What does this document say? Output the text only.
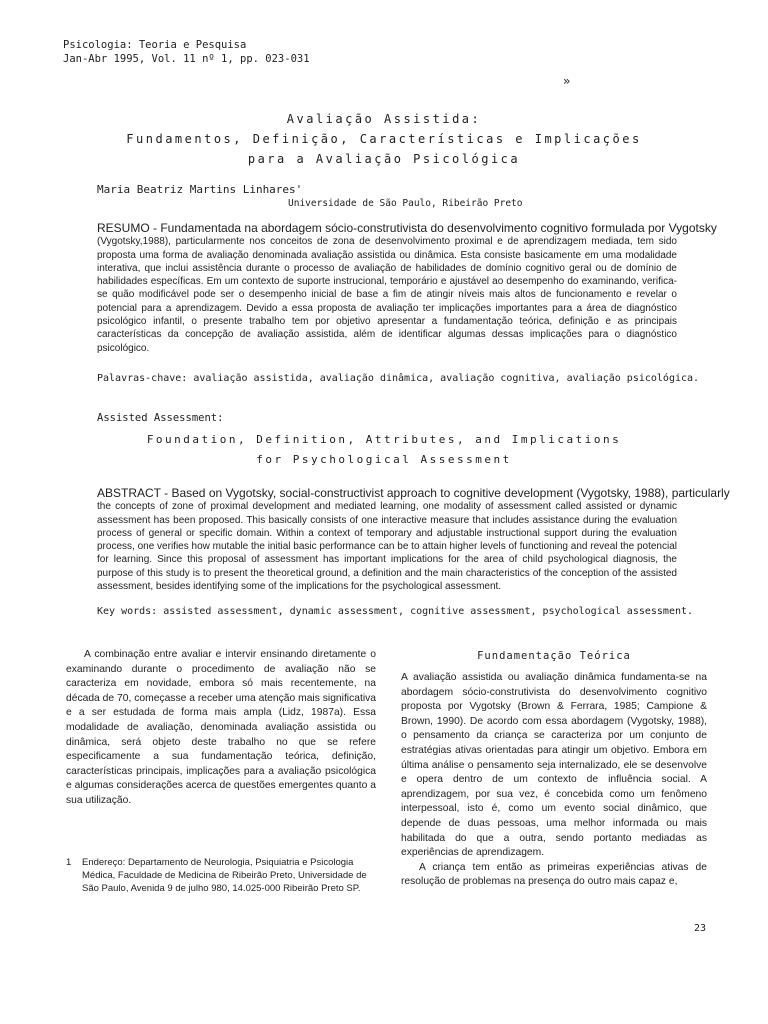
Psicologia: Teoria e Pesquisa
Jan-Abr 1995, Vol. 11 nº 1, pp. 023-031
»
Avaliação Assistida:
Fundamentos, Definição, Características e Implicações
para a Avaliação Psicológica
Maria Beatriz Martins Linhares'
Universidade de São Paulo, Ribeirão Preto
RESUMO - Fundamentada na abordagem sócio-construtivista do desenvolvimento cognitivo formulada por Vygotsky
(Vygotsky,1988), particularmente nos conceitos de zona de desenvolvimento proximal e de aprendizagem mediada, tem sido proposta uma forma de avaliação denominada avaliação assistida ou dinâmica. Esta consiste basicamente em uma modalidade interativa, que inclui assistência durante o processo de avaliação de habilidades de domínio cognitivo geral ou de domínio de habilidades específicas. Em um contexto de suporte instrucional, temporário e ajustável ao desempenho do examinando, verifica-se quão modificável pode ser o desempenho inicial de base a fim de atingir níveis mais altos de funcionamento e revelar o potencial para a aprendizagem. Devido a essa proposta de avaliação ter implicações importantes para a área de diagnóstico psicológico infantil, o presente trabalho tem por objetivo apresentar a fundamentação teórica, definição e as principais características da concepção de avaliação assistida, além de identificar algumas dessas implicações para o diagnóstico psicológico.
Palavras-chave: avaliação assistida, avaliação dinâmica, avaliação cognitiva, avaliação psicológica.
Assisted Assessment:
Foundation, Definition, Attributes, and Implications
for Psychological Assessment
ABSTRACT - Based on Vygotsky, social-constructivist approach to cognitive development (Vygotsky, 1988), particularly
the concepts of zone of proximal development and mediated learning, one modality of assessment called assisted or dynamic assessment has been proposed. This basically consists of one interactive measure that includes assistance during the evaluation process of general or specific domain. Within a context of temporary and adjustable instructional support during the evaluation process, one verifies how mutable the initial basic performance can be to attain higher levels of functioning and reveal the potencial for learning. Since this proposal of assessment has important implications for the area of child psychological diagnosis, the purpose of this study is to present the theoretical ground, a definition and the main characteristics of the conception of the assisted assessment, besides identifying some of the implications for the psychological assessment.
Key words: assisted assessment, dynamic assessment, cognitive assessment, psychological assessment.
A combinação entre avaliar e intervir ensinando diretamente o examinando durante o procedimento de avaliação não se caracteriza em novidade, embora só mais recentemente, na década de 70, começasse a receber uma atenção mais significativa e a ser estudada de forma mais ampla (Lidz, 1987a). Essa modalidade de avaliação, denominada avaliação assistida ou dinâmica, será objeto deste trabalho no que se refere especificamente a sua fundamentação teórica, definição, características principais, implicações para a avaliação psicológica e algumas considerações acerca de questões emergentes quanto a sua utilização.
1 Endereço: Departamento de Neurologia, Psiquiatria e Psicologia Médica, Faculdade de Medicina de Ribeirão Preto, Universidade de São Paulo, Avenida 9 de julho 980, 14.025-000 Ribeirão Preto SP.
Fundamentação Teórica
A avaliação assistida ou avaliação dinâmica fundamenta-se na abordagem sócio-construtivista do desenvolvimento cognitivo proposta por Vygotsky (Brown & Ferrara, 1985; Campione & Brown, 1990). De acordo com essa abordagem (Vygotsky, 1988), o pensamento da criança se caracteriza por um conjunto de estratégias ativas orientadas para atingir um objetivo. Embora em última análise o pensamento seja internalizado, ele se desenvolve e opera dentro de um contexto de influência social. A aprendizagem, por sua vez, é concebida como um fenômeno interpessoal, isto é, como um evento social dinâmico, que depende de duas pessoas, uma melhor informada ou mais habilitada do que a outra, sendo portanto mediadas as experiências de aprendizagem.
A criança tem então as primeiras experiências ativas de resolução de problemas na presença do outro mais capaz e,
23
